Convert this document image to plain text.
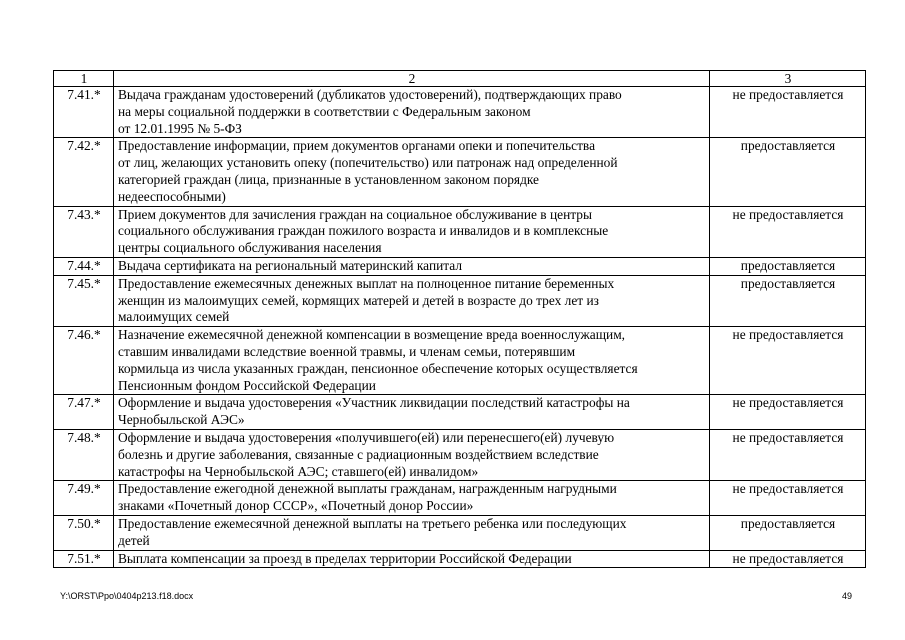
1	2	3
7.41.*	Выдача гражданам удостоверений (дубликатов удостоверений), подтверждающих право
на меры социальной поддержки в соответствии с Федеральным законом
от 12.01.1995 № 5-ФЗ	не предоставляется
7.42.*	Предоставление информации, прием документов органами опеки и попечительства
от лиц, желающих установить опеку (попечительство) или патронаж над определенной
категорией граждан (лица, признанные в установленном законом порядке
недееспособными)	предоставляется
7.43.*	Прием документов для зачисления граждан на социальное обслуживание в центры
социального обслуживания граждан пожилого возраста и инвалидов и в комплексные
центры социального обслуживания населения	не предоставляется
7.44.*	Выдача сертификата на региональный материнский капитал	предоставляется
7.45.*	Предоставление ежемесячных денежных выплат на полноценное питание беременных
женщин из малоимущих семей, кормящих матерей и детей в возрасте до трех лет из
малоимущих семей	предоставляется
7.46.*	Назначение ежемесячной денежной компенсации в возмещение вреда военнослужащим,
ставшим инвалидами вследствие военной травмы, и членам семьи, потерявшим
кормильца из числа указанных граждан, пенсионное обеспечение которых осуществляется
Пенсионным фондом Российской Федерации	не предоставляется
7.47.*	Оформление и выдача удостоверения «Участник ликвидации последствий катастрофы на
Чернобыльской АЭС»	не предоставляется
7.48.*	Оформление и выдача удостоверения «получившего(ей) или перенесшего(ей) лучевую
болезнь и другие заболевания, связанные с радиационным воздействием вследствие
катастрофы на Чернобыльской АЭС; ставшего(ей) инвалидом»	не предоставляется
7.49.*	Предоставление ежегодной денежной выплаты гражданам, награжденным нагрудными
знаками «Почетный донор СССР», «Почетный донор России»	не предоставляется
7.50.*	Предоставление ежемесячной денежной выплаты на третьего ребенка или последующих
детей	предоставляется
7.51.*	Выплата компенсации за проезд в пределах территории Российской Федерации	не предоставляется
Y:\ORST\Ppo\0404p213.f18.docx	49
